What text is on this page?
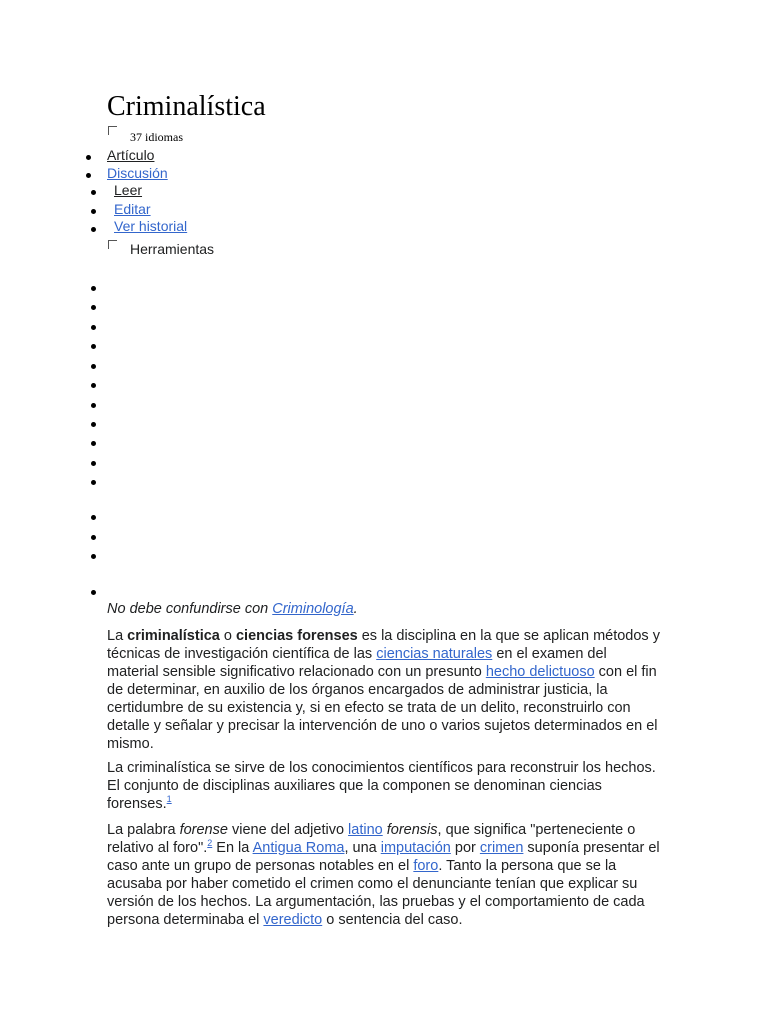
Criminalística
37 idiomas
Artículo
Discusión
Leer
Editar
Ver historial
Herramientas

No debe confundirse con Criminología.

La criminalística o ciencias forenses es la disciplina en la que se aplican métodos y técnicas de investigación científica de las ciencias naturales en el examen del material sensible significativo relacionado con un presunto hecho delictuoso con el fin de determinar, en auxilio de los órganos encargados de administrar justicia, la certidumbre de su existencia y, si en efecto se trata de un delito, reconstruirlo con detalle y señalar y precisar la intervención de uno o varios sujetos determinados en el mismo.

La criminalística se sirve de los conocimientos científicos para reconstruir los hechos. El conjunto de disciplinas auxiliares que la componen se denominan ciencias forenses.$^1$

La palabra forense viene del adjetivo latino forensis, que significa "perteneciente o relativo al foro".$^2$ En la Antigua Roma, una imputación por crimen suponía presentar el caso ante un grupo de personas notables en el foro. Tanto la persona que se la acusaba por haber cometido el crimen como el denunciante tenían que explicar su versión de los hechos. La argumentación, las pruebas y el comportamiento de cada persona determinaba el veredicto o sentencia del caso.
